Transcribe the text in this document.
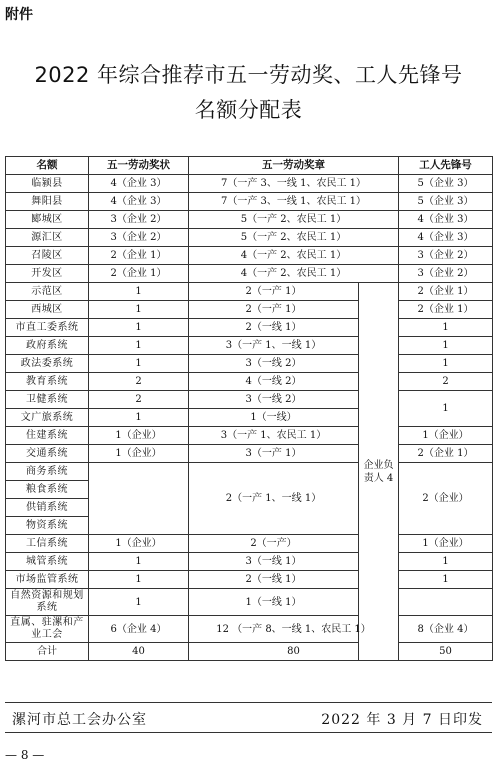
附件
2022 年综合推荐市五一劳动奖、工人先锋号
名额分配表
名额	五一劳动奖状	五一劳动奖章		工人先锋号
临颍县	4（企业 3）	7（一产 3、一线 1、农民工 1）		5（企业 3）
舞阳县	4（企业 3）	7（一产 3、一线 1、农民工 1）		5（企业 3）
郾城区	3（企业 2）	5（一产 2、农民工 1）		4（企业 3）
源汇区	3（企业 2）	5（一产 2、农民工 1）		4（企业 3）
召陵区	2（企业 1）	4（一产 2、农民工 1）		3（企业 2）
开发区	2（企业 1）	4（一产 2、农民工 1）		3（企业 2）
示范区	1	2（一产 1）	企业负责人 4	2（企业 1）
西城区	1	2（一产 1）		2（企业 1）
市直工委系统	1	2（一线 1）		1
政府系统	1	3（一产 1、一线 1）		1
政法委系统	1	3（一线 2）		1
教育系统	2	4（一线 2）		2
卫健系统	2	3（一线 2）		1
文广旅系统	1	1（一线）		
住建系统	1（企业）	3（一产 1、农民工 1）		1（企业）
交通系统	1（企业）	3（一产 1）		2（企业 1）
商务系统		2（一产 1、一线 1）		2（企业）
粮食系统				
供销系统				
物资系统				
工信系统	1（企业）	2（一产）		1（企业）
城管系统	1	3（一线 1）		1
市场监管系统	1	2（一线 1）		1
自然资源和规划系统	1	1（一线 1）		
直属、驻漯和产业工会	6（企业 4）	12 （一产 8、一线 1、农民工 1）		8（企业 4）
合计	40	80		50
漯河市总工会办公室	2022 年 3 月 7 日印发
— 8 —
